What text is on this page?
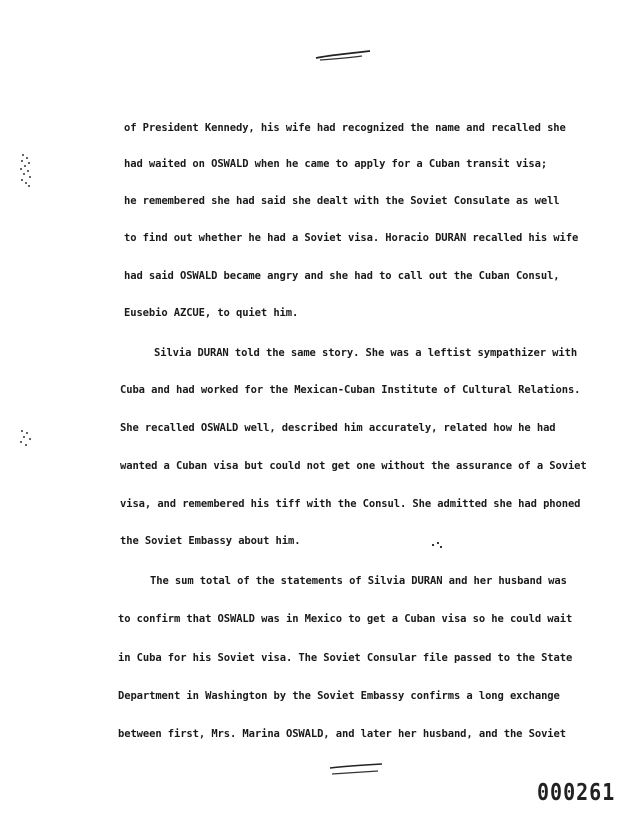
of President Kennedy, his wife had recognized the name and recalled she
had waited on OSWALD when he came to apply for a Cuban transit visa;
he remembered she had said she dealt with the Soviet Consulate as well
to find out whether he had a Soviet visa. Horacio DURAN recalled his wife
had said OSWALD became angry and she had to call out the Cuban Consul,
Eusebio AZCUE, to quiet him.
Silvia DURAN told the same story. She was a leftist sympathizer with
Cuba and had worked for the Mexican-Cuban Institute of Cultural Relations.
She recalled OSWALD well, described him accurately, related how he had
wanted a Cuban visa but could not get one without the assurance of a Soviet
visa, and remembered his tiff with the Consul. She admitted she had phoned
the Soviet Embassy about him.
The sum total of the statements of Silvia DURAN and her husband was
to confirm that OSWALD was in Mexico to get a Cuban visa so he could wait
in Cuba for his Soviet visa. The Soviet Consular file passed to the State
Department in Washington by the Soviet Embassy confirms a long exchange
between first, Mrs. Marina OSWALD, and later her husband, and the Soviet
000261
